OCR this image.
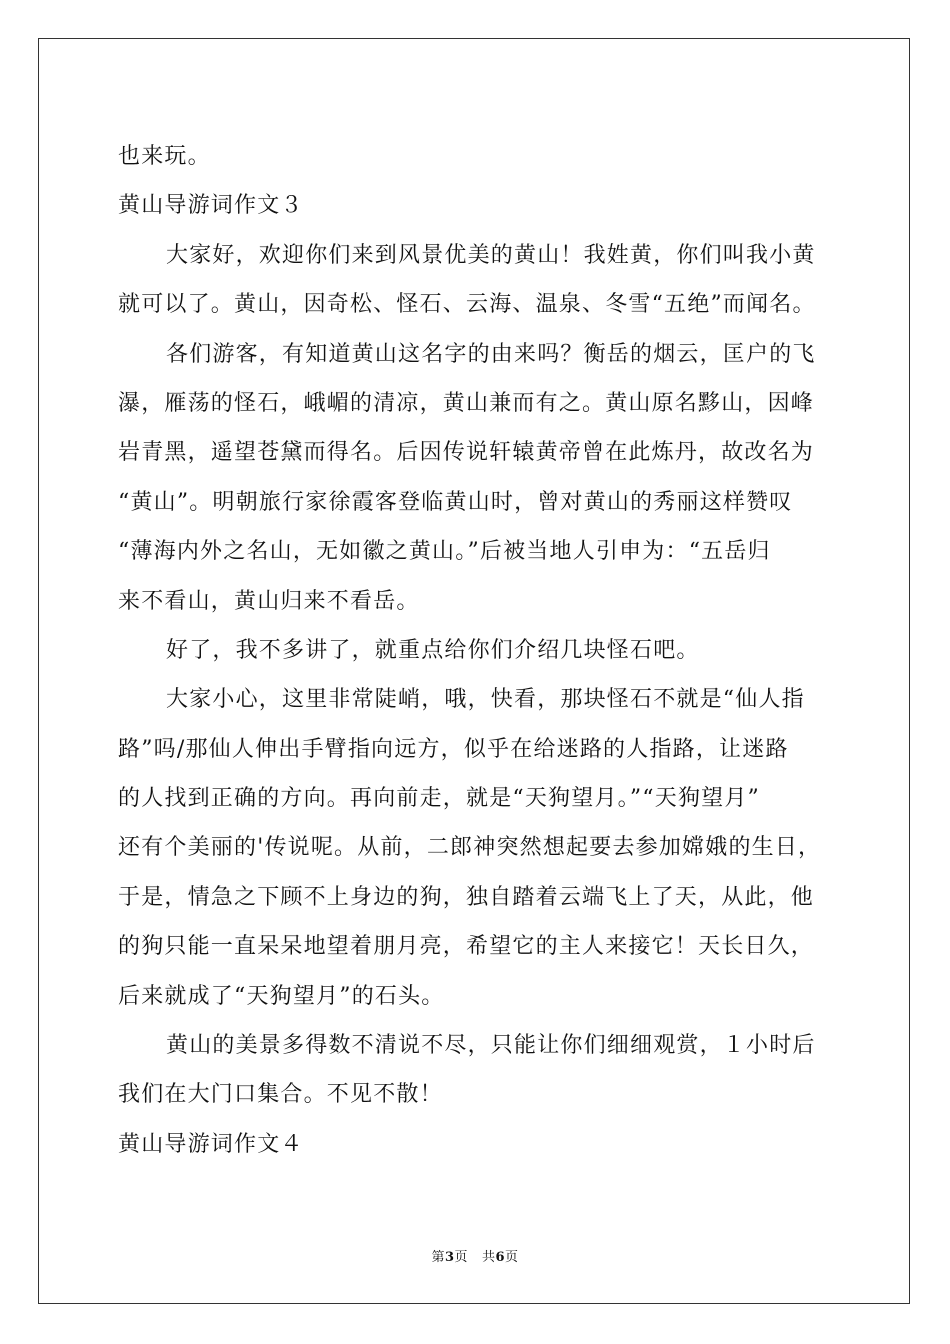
也来玩。
黄山导游词作文３
大家好，欢迎你们来到风景优美的黄山！我姓黄，你们叫我小黄
就可以了。黄山，因奇松、怪石、云海、温泉、冬雪“五绝”而闻名。
各们游客，有知道黄山这名字的由来吗？衡岳的烟云，匡户的飞
瀑，雁荡的怪石，峨嵋的清凉，黄山兼而有之。黄山原名黟山，因峰
岩青黑，遥望苍黛而得名。后因传说轩辕黄帝曾在此炼丹，故改名为
“黄山”。明朝旅行家徐霞客登临黄山时，曾对黄山的秀丽这样赞叹
“薄海内外之名山，无如徽之黄山。”后被当地人引申为：“五岳归
来不看山，黄山归来不看岳。
好了，我不多讲了，就重点给你们介绍几块怪石吧。
大家小心，这里非常陡峭，哦，快看，那块怪石不就是“仙人指
路”吗/那仙人伸出手臂指向远方，似乎在给迷路的人指路，让迷路
的人找到正确的方向。再向前走，就是“天狗望月。”“天狗望月”
还有个美丽的'传说呢。从前，二郎神突然想起要去参加嫦娥的生日，
于是，情急之下顾不上身边的狗，独自踏着云端飞上了天，从此，他
的狗只能一直呆呆地望着朋月亮，希望它的主人来接它！天长日久，
后来就成了“天狗望月”的石头。
黄山的美景多得数不清说不尽，只能让你们细细观赏，１小时后
我们在大门口集合。不见不散！
黄山导游词作文４
第3页 共6页
